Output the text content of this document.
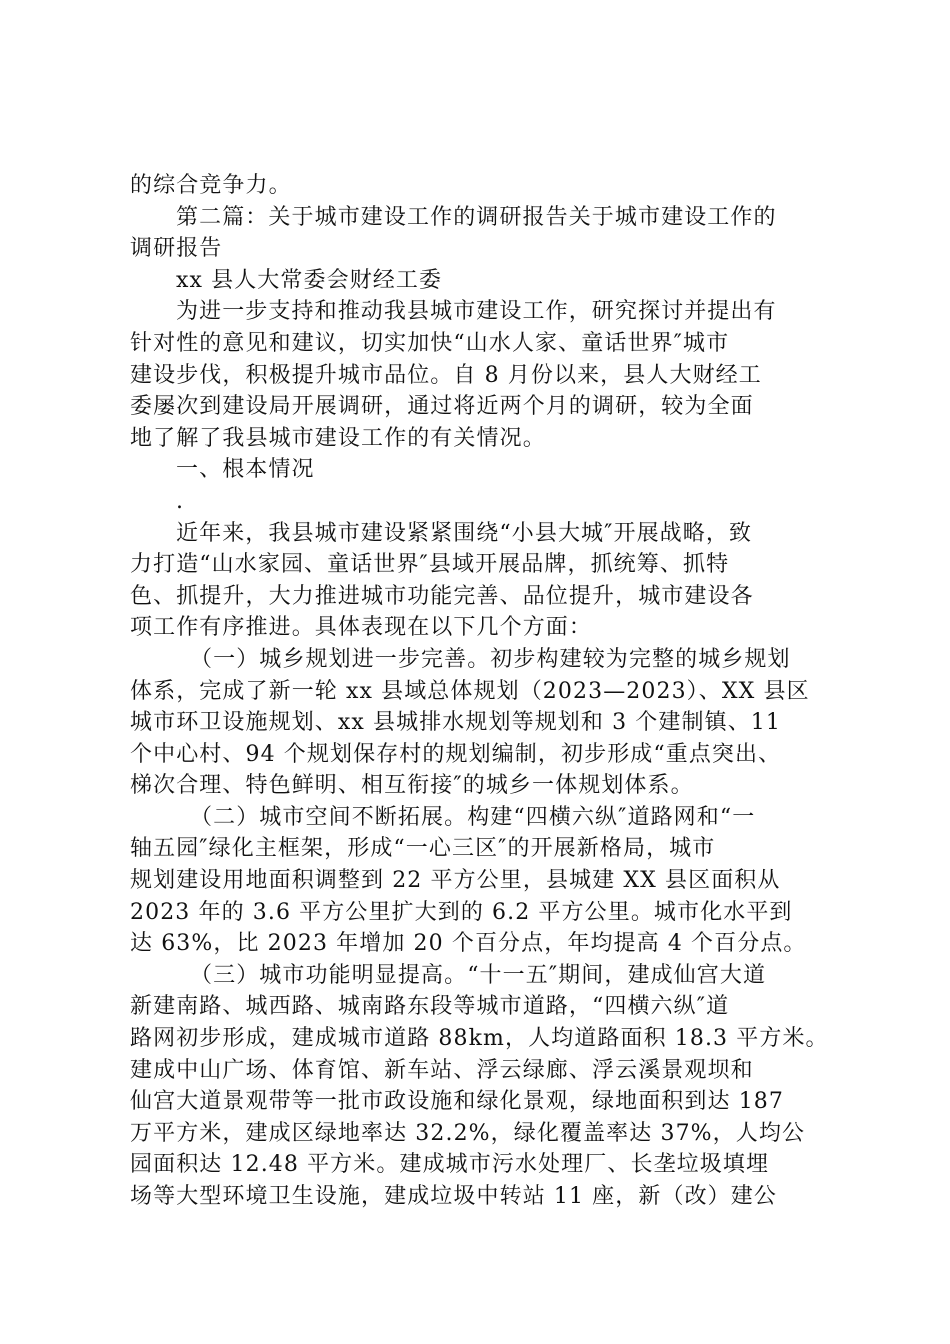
的综合竞争力。
第二篇：关于城市建设工作的调研报告关于城市建设工作的
调研报告
xx 县人大常委会财经工委
为进一步支持和推动我县城市建设工作，研究探讨并提出有
针对性的意见和建议，切实加快“山水人家、童话世界″城市
建设步伐，积极提升城市品位。自 8 月份以来，县人大财经工
委屡次到建设局开展调研，通过将近两个月的调研，较为全面
地了解了我县城市建设工作的有关情况。
一、根本情况
.
近年来，我县城市建设紧紧围绕“小县大城″开展战略，致
力打造“山水家园、童话世界″县域开展品牌，抓统筹、抓特
色、抓提升，大力推进城市功能完善、品位提升，城市建设各
项工作有序推进。具体表现在以下几个方面：
（一）城乡规划进一步完善。初步构建较为完整的城乡规划
体系，完成了新一轮 xx 县域总体规划（2023—2023）、XX 县区
城市环卫设施规划、xx 县城排水规划等规划和 3 个建制镇、11
个中心村、94 个规划保存村的规划编制，初步形成“重点突出、
梯次合理、特色鲜明、相互衔接″的城乡一体规划体系。
（二）城市空间不断拓展。构建“四横六纵″道路网和“一
轴五园″绿化主框架，形成“一心三区″的开展新格局，城市
规划建设用地面积调整到 22 平方公里，县城建 XX 县区面积从
2023 年的 3.6 平方公里扩大到的 6.2 平方公里。城市化水平到
达 63%，比 2023 年增加 20 个百分点，年均提高 4 个百分点。
（三）城市功能明显提高。“十一五″期间，建成仙宫大道
新建南路、城西路、城南路东段等城市道路，“四横六纵″道
路网初步形成，建成城市道路 88km，人均道路面积 18.3 平方米。
建成中山广场、体育馆、新车站、浮云绿廊、浮云溪景观坝和
仙宫大道景观带等一批市政设施和绿化景观，绿地面积到达 187
万平方米，建成区绿地率达 32.2%，绿化覆盖率达 37%，人均公
园面积达 12.48 平方米。建成城市污水处理厂、长垄垃圾填埋
场等大型环境卫生设施，建成垃圾中转站 11 座，新（改）建公
